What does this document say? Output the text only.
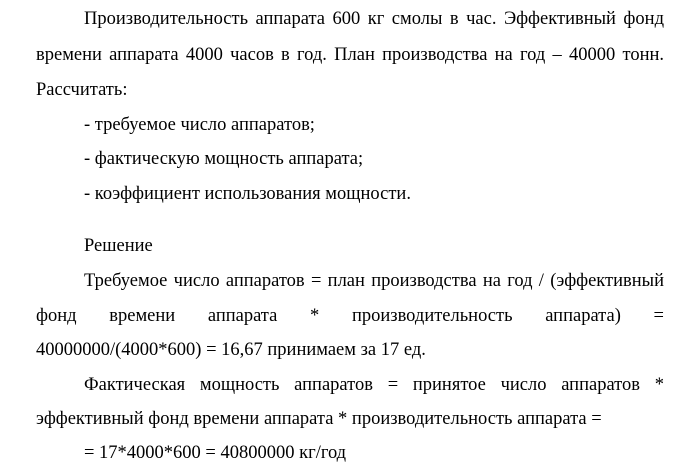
Производительность аппарата 600 кг смолы в час. Эффективный фонд
времени аппарата 4000 часов в год. План производства на год – 40000 тонн.
Рассчитать:
- требуемое число аппаратов;
- фактическую мощность аппарата;
- коэффициент использования мощности.
Решение
Требуемое число аппаратов = план производства на год / (эффективный
фонд времени аппарата * производительность аппарата) =
40000000/(4000*600) = 16,67 принимаем за 17 ед.
Фактическая мощность аппаратов = принятое число аппаратов *
эффективный фонд времени аппарата * производительность аппарата =
= 17*4000*600 = 40800000 кг/год
